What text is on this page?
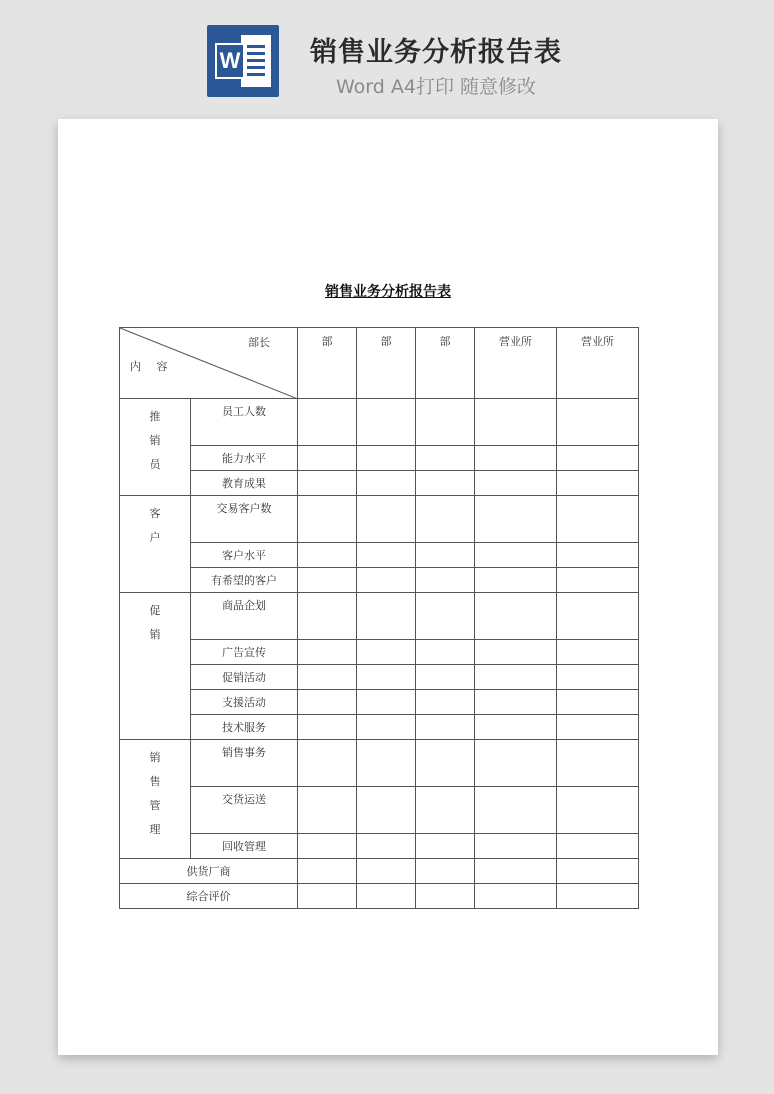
W	销售业务分析报告表
Word A4打印 随意修改
销售业务分析报告表
部长
内 容		部	部	部	营业所	营业所

推
销
员	员工人数					
	能力水平					
	教育成果					

客
户	交易客户数					
	客户水平					
	有希望的客户					

促
销	商品企划					
	广告宣传					
	促销活动					
	支援活动					
	技术服务					

销
售
管
理	销售事务					
	交货运送					
	回收管理					
供货厂商						
综合评价						
